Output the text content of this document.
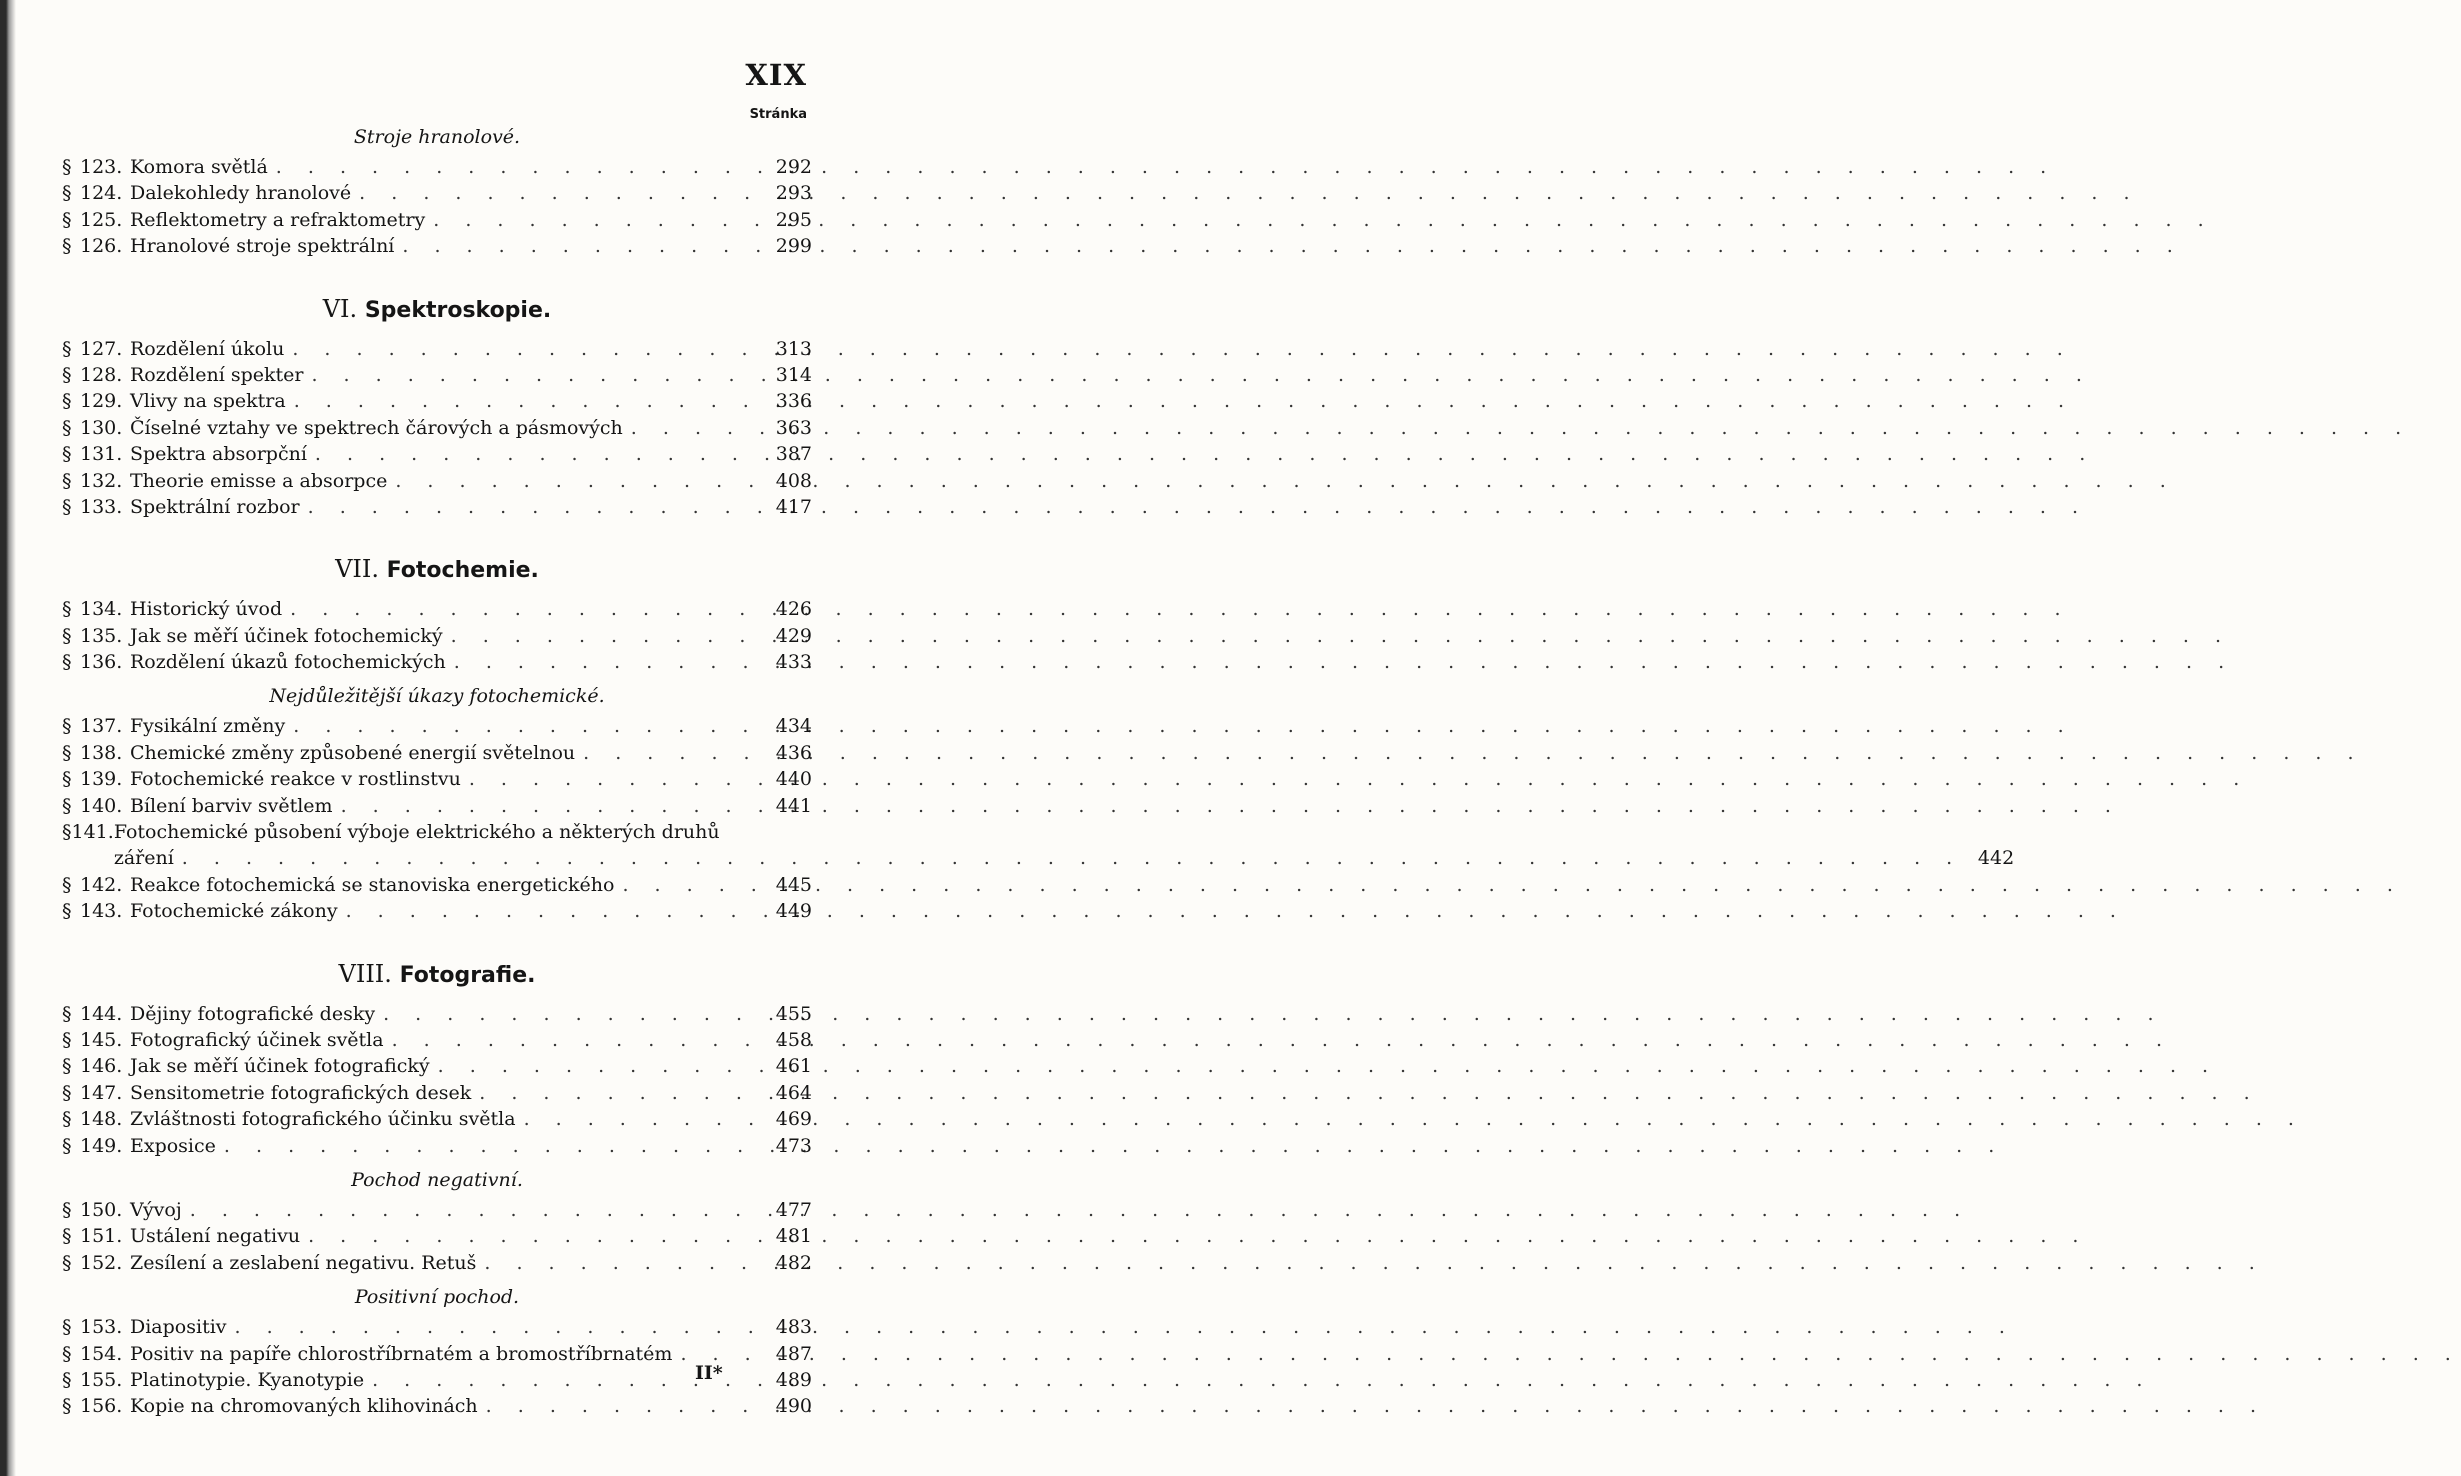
XIX
Stránka
Stroje hranolové.
§ 123. Komora světlá . . .	292
§ 124. Dalekohledy hranolové . . .	293
§ 125. Reflektometry a refraktometry . . .	295
§ 126. Hranolové stroje spektrální . . .	299
VI. Spektroskopie.
§ 127. Rozdělení úkolu . . .	313
§ 128. Rozdělení spekter . . .	314
§ 129. Vlivy na spektra . . .	336
§ 130. Číselné vztahy ve spektrech čárových a pásmových . . .	363
§ 131. Spektra absorpční . . .	387
§ 132. Theorie emisse a absorpce . . .	408
§ 133. Spektrální rozbor . . .	417
VII. Fotochemie.
§ 134. Historický úvod . . .	426
§ 135. Jak se měří účinek fotochemický . . .	429
§ 136. Rozdělení úkazů fotochemických . . .	433
Nejdůležitější úkazy fotochemické.
§ 137. Fysikální změny . . .	434
§ 138. Chemické změny způsobené energií světelnou . . .	436
§ 139. Fotochemické reakce v rostlinstvu . . .	440
§ 140. Bílení barviv světlem . . .	441
§ 141. Fotochemické působení výboje elektrického a některých druhů
záření . . .	442
§ 142. Reakce fotochemická se stanoviska energetického . . .	445
§ 143. Fotochemické zákony . . .	449
VIII. Fotografie.
§ 144. Dějiny fotografické desky . . .	455
§ 145. Fotografický účinek světla . . .	458
§ 146. Jak se měří účinek fotografický . . .	461
§ 147. Sensitometrie fotografických desek . . .	464
§ 148. Zvláštnosti fotografického účinku světla . . .	469
§ 149. Exposice . . .	473
Pochod negativní.
§ 150. Vývoj . . .	477
§ 151. Ustálení negativu . . .	481
§ 152. Zesílení a zeslabení negativu. Retuš . . .	482
Positivní pochod.
§ 153. Diapositiv . . .	483
§ 154. Positiv na papíře chlorostříbrnatém a bromostříbrnatém . . .	487
§ 155. Platinotypie. Kyanotypie . . .	489
§ 156. Kopie na chromovaných klihovinách . . .	490
II*
